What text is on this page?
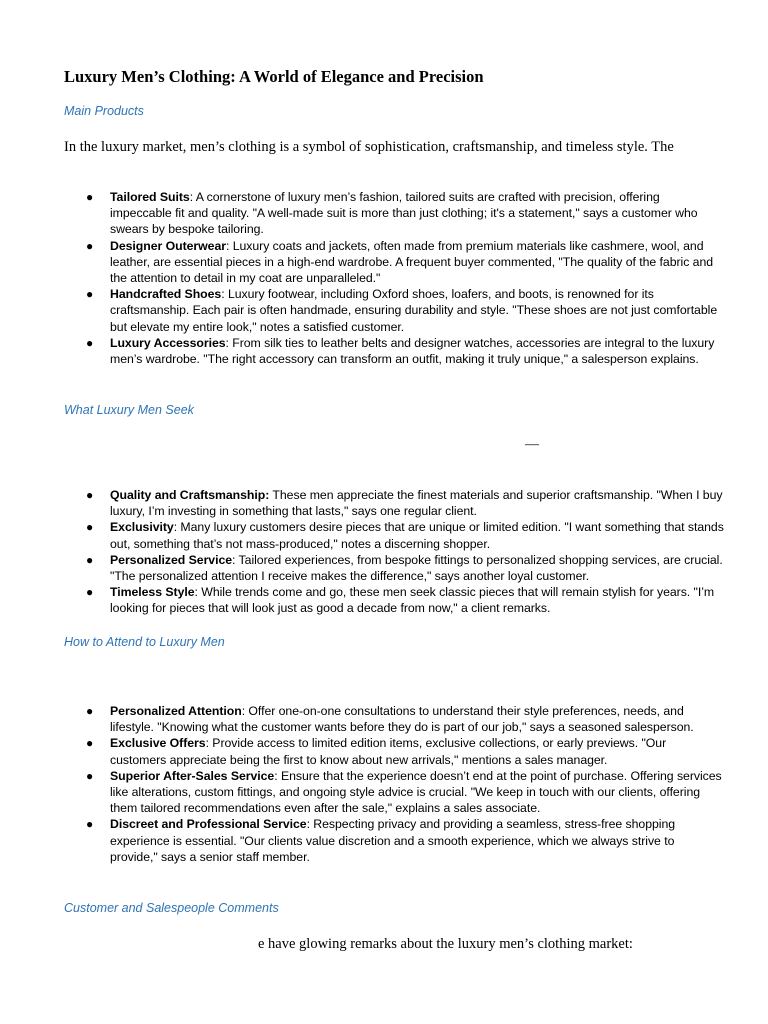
Luxury Men’s Clothing: A World of Elegance and Precision
Main Products

In the luxury market, men’s clothing is a symbol of sophistication, craftsmanship, and timeless style. The

● Tailored Suits: A cornerstone of luxury men’s fashion, tailored suits are crafted with precision, offering impeccable fit and quality. "A well-made suit is more than just clothing; it's a statement," says a customer who swears by bespoke tailoring.
● Designer Outerwear: Luxury coats and jackets, often made from premium materials like cashmere, wool, and leather, are essential pieces in a high-end wardrobe. A frequent buyer commented, "The quality of the fabric and the attention to detail in my coat are unparalleled."
● Handcrafted Shoes: Luxury footwear, including Oxford shoes, loafers, and boots, is renowned for its craftsmanship. Each pair is often handmade, ensuring durability and style. "These shoes are not just comfortable but elevate my entire look," notes a satisfied customer.
● Luxury Accessories: From silk ties to leather belts and designer watches, accessories are integral to the luxury men’s wardrobe. "The right accessory can transform an outfit, making it truly unique," a salesperson explains.
What Luxury Men Seek
—
● Quality and Craftsmanship: These men appreciate the finest materials and superior craftsmanship. "When I buy luxury, I’m investing in something that lasts," says one regular client.
● Exclusivity: Many luxury customers desire pieces that are unique or limited edition. "I want something that stands out, something that’s not mass-produced," notes a discerning shopper.
● Personalized Service: Tailored experiences, from bespoke fittings to personalized shopping services, are crucial. "The personalized attention I receive makes the difference," says another loyal customer.
● Timeless Style: While trends come and go, these men seek classic pieces that will remain stylish for years. "I’m looking for pieces that will look just as good a decade from now," a client remarks.
How to Attend to Luxury Men
● Personalized Attention: Offer one-on-one consultations to understand their style preferences, needs, and lifestyle. "Knowing what the customer wants before they do is part of our job," says a seasoned salesperson.
● Exclusive Offers: Provide access to limited edition items, exclusive collections, or early previews. "Our customers appreciate being the first to know about new arrivals," mentions a sales manager.
● Superior After-Sales Service: Ensure that the experience doesn’t end at the point of purchase. Offering services like alterations, custom fittings, and ongoing style advice is crucial. "We keep in touch with our clients, offering them tailored recommendations even after the sale," explains a sales associate.
● Discreet and Professional Service: Respecting privacy and providing a seamless, stress-free shopping experience is essential. "Our clients value discretion and a smooth experience, which we always strive to provide," says a senior staff member.
Customer and Salespeople Comments

e have glowing remarks about the luxury men’s clothing market:
